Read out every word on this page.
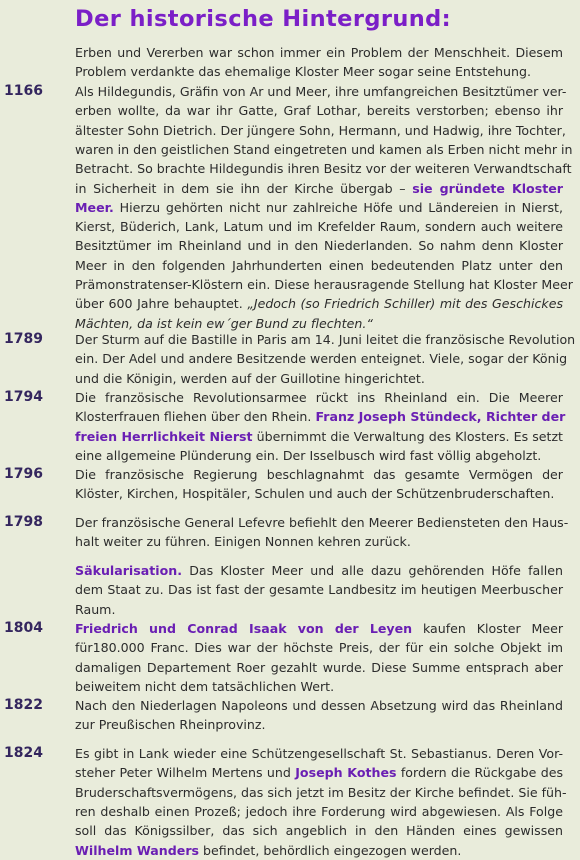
Der historische Hintergrund:
Erben und Vererben war schon immer ein Problem der Menschheit. Diesem
Problem verdankte das ehemalige Kloster Meer sogar seine Entstehung.
1166	Als Hildegundis, Gräfin von Ar und Meer, ihre umfangreichen Besitztümer ver-
erben wollte, da war ihr Gatte, Graf Lothar, bereits verstorben; ebenso ihr
ältester Sohn Dietrich. Der jüngere Sohn, Hermann, und Hadwig, ihre Tochter,
waren in den geistlichen Stand eingetreten und kamen als Erben nicht mehr in
Betracht. So brachte Hildegundis ihren Besitz vor der weiteren Verwandtschaft
in Sicherheit in dem sie ihn der Kirche übergab – sie gründete Kloster
Meer. Hierzu gehörten nicht nur zahlreiche Höfe und Ländereien in Nierst,
Kierst, Büderich, Lank, Latum und im Krefelder Raum, sondern auch weitere
Besitztümer im Rheinland und in den Niederlanden. So nahm denn Kloster
Meer in den folgenden Jahrhunderten einen bedeutenden Platz unter den
Prämonstratenser-Klöstern ein. Diese herausragende Stellung hat Kloster Meer
über 600 Jahre behauptet. „Jedoch (so Friedrich Schiller) mit des Geschickes
Mächten, da ist kein ew´ger Bund zu flechten.“
1789	Der Sturm auf die Bastille in Paris am 14. Juni leitet die französische Revolution
ein. Der Adel und andere Besitzende werden enteignet. Viele, sogar der König
und die Königin, werden auf der Guillotine hingerichtet.
1794	Die französische Revolutionsarmee rückt ins Rheinland ein. Die Meerer
Klosterfrauen fliehen über den Rhein. Franz Joseph Stündeck, Richter der
freien Herrlichkeit Nierst übernimmt die Verwaltung des Klosters. Es setzt
eine allgemeine Plünderung ein. Der Isselbusch wird fast völlig abgeholzt.
1796	Die französische Regierung beschlagnahmt das gesamte Vermögen der
Klöster, Kirchen, Hospitäler, Schulen und auch der Schützenbruderschaften.
1798	Der französische General Lefevre befiehlt den Meerer Bediensteten den Haus-
halt weiter zu führen. Einigen Nonnen kehren zurück.
Säkularisation. Das Kloster Meer und alle dazu gehörenden Höfe fallen
dem Staat zu. Das ist fast der gesamte Landbesitz im heutigen Meerbuscher
Raum.
1804	Friedrich und Conrad Isaak von der Leyen kaufen Kloster Meer
für180.000 Franc. Dies war der höchste Preis, der für ein solche Objekt im
damaligen Departement Roer gezahlt wurde. Diese Summe entsprach aber
beiweitem nicht dem tatsächlichen Wert.
1822	Nach den Niederlagen Napoleons und dessen Absetzung wird das Rheinland
zur Preußischen Rheinprovinz.
1824	Es gibt in Lank wieder eine Schützengesellschaft St. Sebastianus. Deren Vor-
steher Peter Wilhelm Mertens und Joseph Kothes fordern die Rückgabe des
Bruderschaftsvermögens, das sich jetzt im Besitz der Kirche befindet. Sie füh-
ren deshalb einen Prozeß; jedoch ihre Forderung wird abgewiesen. Als Folge
soll das Königssilber, das sich angeblich in den Händen eines gewissen
Wilhelm Wanders befindet, behördlich eingezogen werden.
